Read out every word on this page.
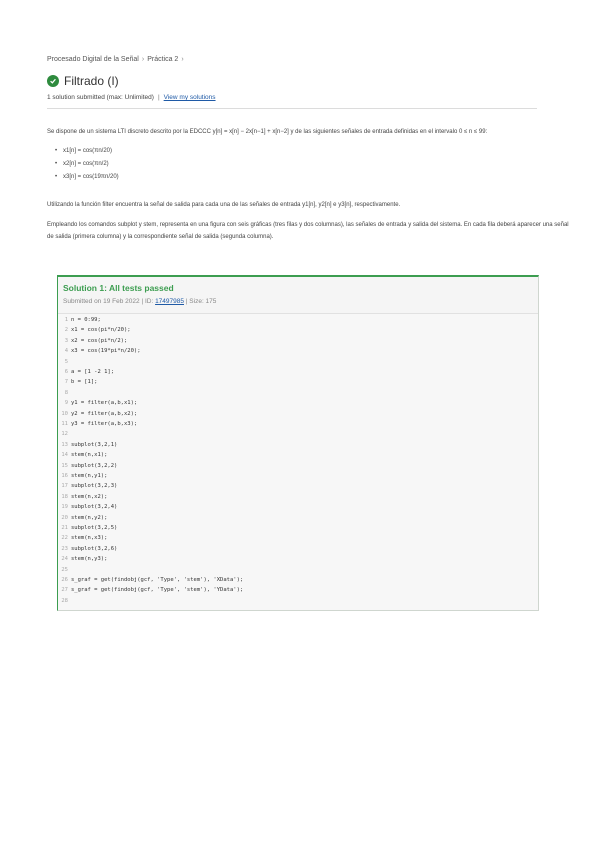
Procesado Digital de la Señal › Práctica 2 ›
Filtrado (I)
1 solution submitted (max: Unlimited) | View my solutions
Se dispone de un sistema LTI discreto descrito por la EDCCC y[n] = x[n] − 2x[n−1] + x[n−2] y de las siguientes señales de entrada definidas en el intervalo 0 ≤ n ≤ 99:
• x1[n] = cos(πn/20)
• x2[n] = cos(πn/2)
• x3[n] = cos(19πn/20)
Utilizando la función filter encuentra la señal de salida para cada una de las señales de entrada y1[n], y2[n] e y3[n], respectivamente.
Empleando los comandos subplot y stem, representa en una figura con seis gráficas (tres filas y dos columnas), las señales de entrada y salida del sistema. En cada fila deberá aparecer una señal
de salida (primera columna) y la correspondiente señal de salida (segunda columna).
Solution 1: All tests passed
Submitted on 19 Feb 2022 | ID: 17497985 | Size: 175
1 n = 0:99;
2 x1 = cos(pi*n/20);
3 x2 = cos(pi*n/2);
4 x3 = cos(19*pi*n/20);
5
6 a = [1 -2 1];
7 b = [1];
8
9 y1 = filter(a,b,x1);
10 y2 = filter(a,b,x2);
11 y3 = filter(a,b,x3);
12
13 subplot(3,2,1)
14 stem(n,x1);
15 subplot(3,2,2)
16 stem(n,y1);
17 subplot(3,2,3)
18 stem(n,x2);
19 subplot(3,2,4)
20 stem(n,y2);
21 subplot(3,2,5)
22 stem(n,x3);
23 subplot(3,2,6)
24 stem(n,y3);
25
26 s_graf = get(findobj(gcf, 'Type', 'stem'), 'XData');
27 s_graf = get(findobj(gcf, 'Type', 'stem'), 'YData');
28
